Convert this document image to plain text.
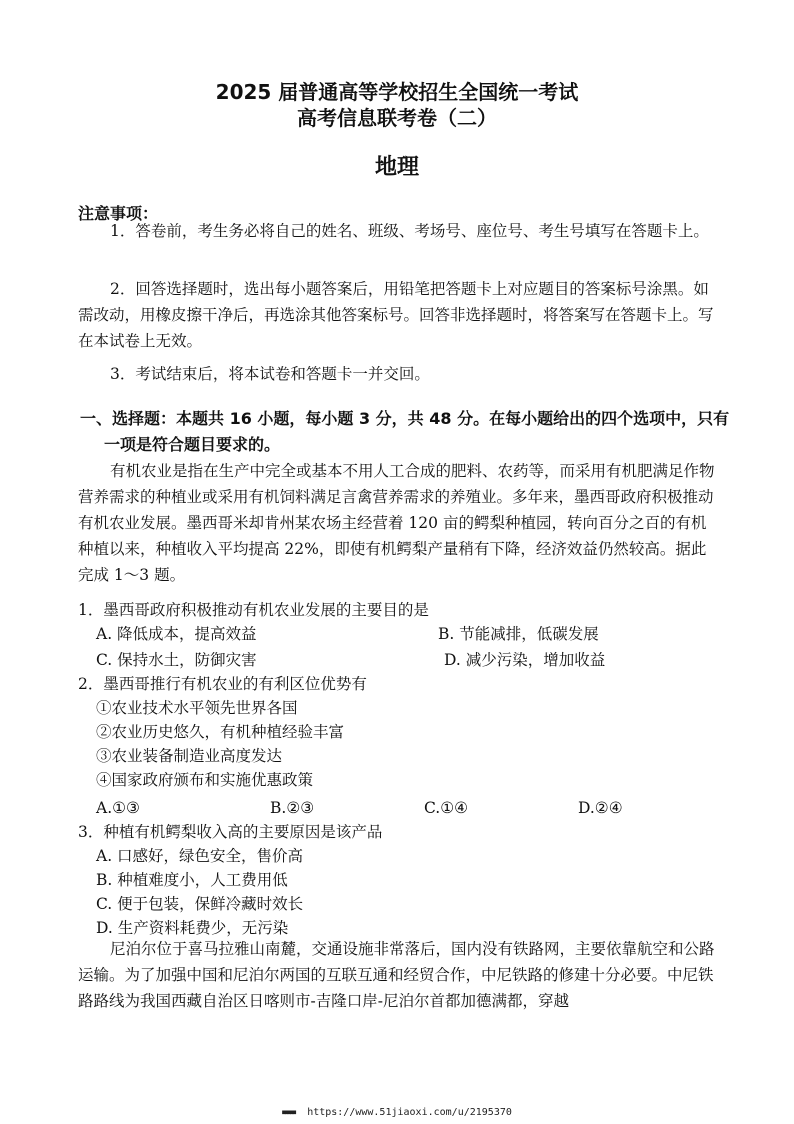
2025 届普通高等学校招生全国统一考试
高考信息联考卷（二）
地理
注意事项：
1．答卷前，考生务必将自己的姓名、班级、考场号、座位号、考生号填写在答题卡上。
2．回答选择题时，选出每小题答案后，用铅笔把答题卡上对应题目的答案标号涂黑。如需改动，用橡皮擦干净后，再选涂其他答案标号。回答非选择题时，将答案写在答题卡上。写在本试卷上无效。
3．考试结束后，将本试卷和答题卡一并交回。
一、选择题：本题共 16 小题，每小题 3 分，共 48 分。在每小题给出的四个选项中，只有一项是符合题目要求的。
有机农业是指在生产中完全或基本不用人工合成的肥料、农药等，而采用有机肥满足作物营养需求的种植业或采用有机饲料满足言禽营养需求的养殖业。多年来，墨西哥政府积极推动有机农业发展。墨西哥米却肯州某农场主经营着 120 亩的鳄梨种植园，转向百分之百的有机种植以来，种植收入平均提高 22%，即使有机鳄梨产量稍有下降，经济效益仍然较高。据此完成 1～3 题。
1．墨西哥政府积极推动有机农业发展的主要目的是
A. 降低成本，提高效益	B. 节能减排，低碳发展
C. 保持水土，防御灾害	D. 减少污染，增加收益
2．墨西哥推行有机农业的有利区位优势有
①农业技术水平领先世界各国
②农业历史悠久，有机种植经验丰富
③农业装备制造业高度发达
④国家政府颁布和实施优惠政策
A.①③	B.②③	C.①④	D.②④
3．种植有机鳄梨收入高的主要原因是该产品
A. 口感好，绿色安全，售价高
B. 种植难度小，人工费用低
C. 便于包装，保鲜冷藏时效长
D. 生产资料耗费少，无污染
尼泊尔位于喜马拉雅山南麓，交通设施非常落后，国内没有铁路网，主要依靠航空和公路运输。为了加强中国和尼泊尔两国的互联互通和经贸合作，中尼铁路的修建十分必要。中尼铁路路线为我国西藏自治区日喀则市-吉隆口岸-尼泊尔首都加德满都，穿越
■■■■■ https://www.51jiaoxi.com/u/2195370
